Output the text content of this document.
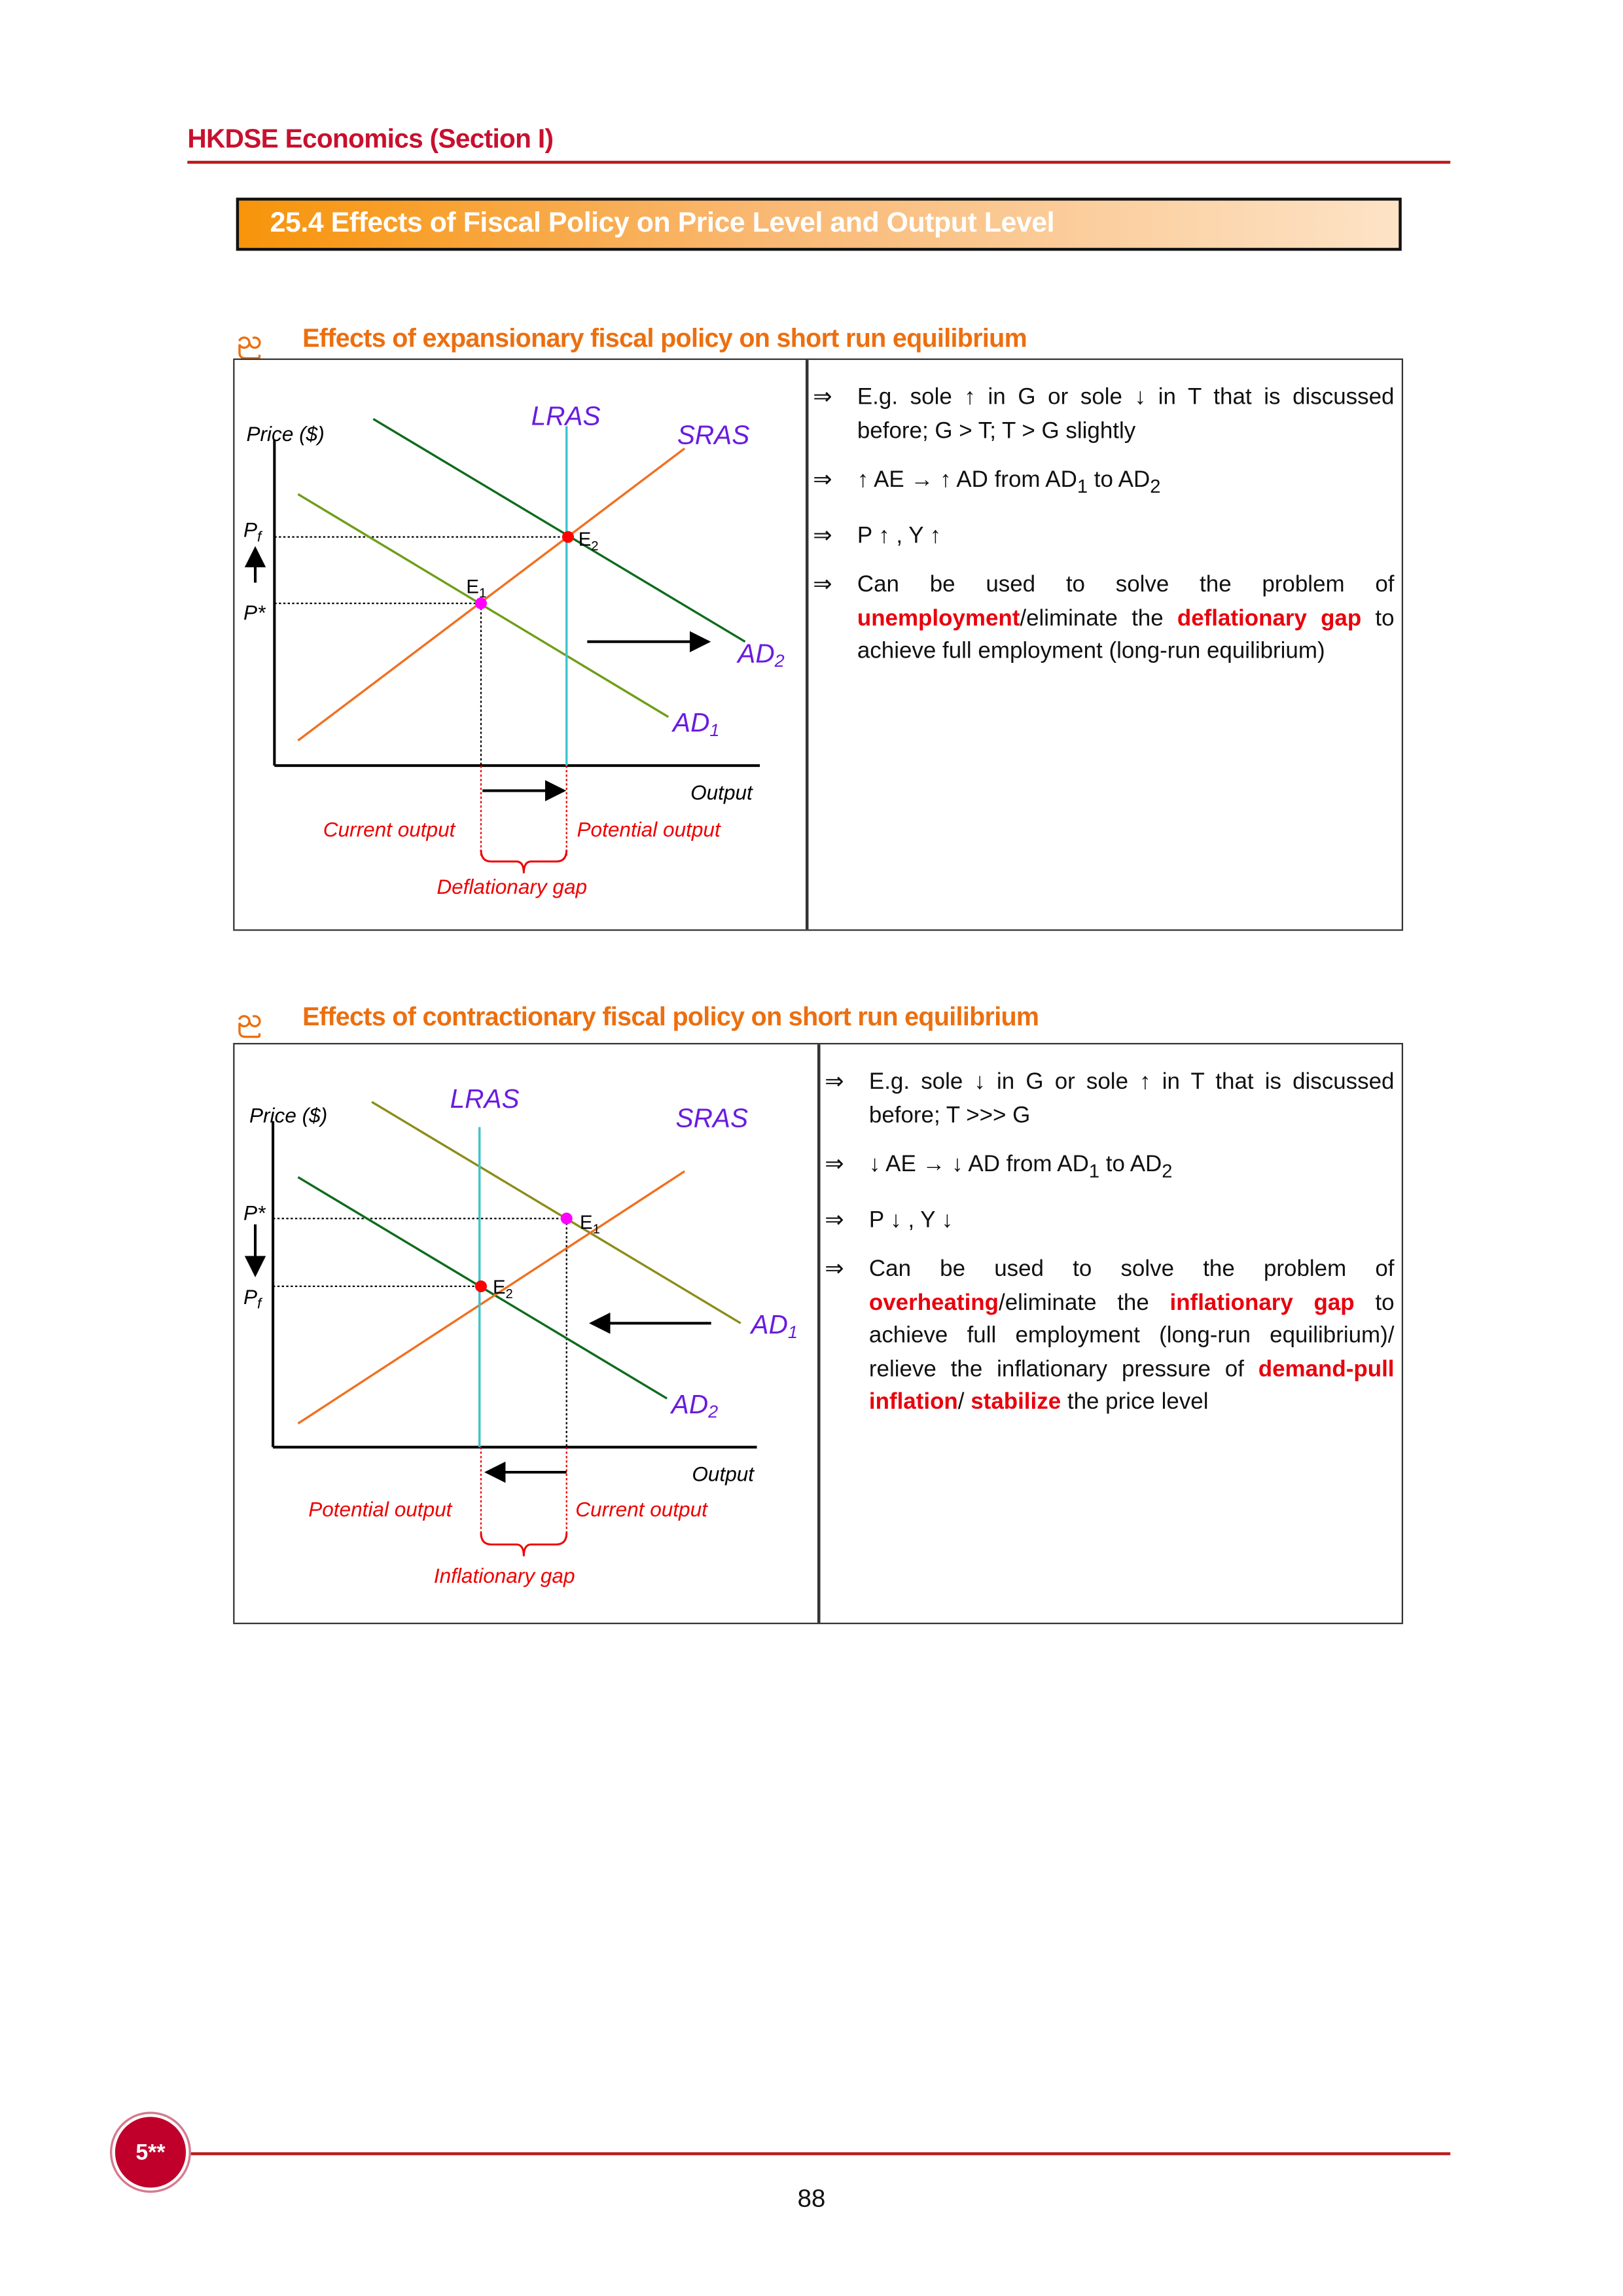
HKDSE Economics (Section I)
25.4 Effects of Fiscal Policy on Price Level and Output Level
ည	Effects of expansionary fiscal policy on short run equilibrium
Price ($)
Output
LRAS
SRAS
AD2
AD1
$P_f$
P*
$E_1$
$E_2$
Current output	Potential output
Deflationary gap
⇒ E.g. sole ↑ in G or sole ↓ in T that is discussed before; G > T; T > G slightly
⇒ ↑ AE → ↑ AD from $AD_1$ to $AD_2$
⇒ P ↑ , Y ↑
⇒ Can be used to solve the problem of unemployment/eliminate the deflationary gap to achieve full employment (long-run equilibrium)
ည	Effects of contractionary fiscal policy on short run equilibrium
Price ($)
Output
LRAS
SRAS
AD1
AD2
P*
$P_f$
$E_1$
$E_2$
Potential output	Current output
Inflationary gap
⇒ E.g. sole ↓ in G or sole ↑ in T that is discussed before; T >>> G
⇒ ↓ AE → ↓ AD from $AD_1$ to $AD_2$
⇒ P ↓ , Y ↓
⇒ Can be used to solve the problem of overheating/eliminate the inflationary gap to achieve full employment (long-run equilibrium)/ relieve the inflationary pressure of demand-pull inflation/ stabilize the price level
5**
88
